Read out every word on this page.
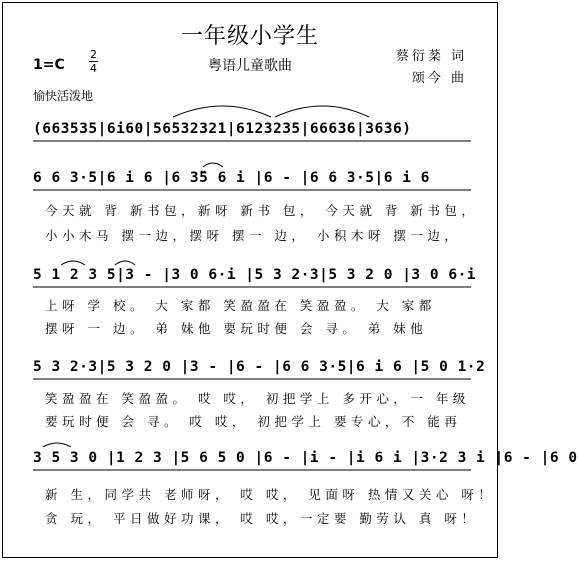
一年级小学生
粤语儿童歌曲
1=C
2
4
愉快活泼地
蔡衍棻 词
颂今 曲
(663535|6i60|56532321|6123235|66636|3636)
6 6 3·5|6 i 6 |6 3̈5 6 i |6 - |6 6 3·5|6 i 6
5 1 2 3 5|3 - |3 0 6·i |5 3 2·3|5 3 2 0 |3 0 6·i
5 3 2·3|5 3 2 0 |3 - |6 - |6 6 3·5|6 i 6 |5 0 1·2
3 5 3 0 |1 2 3 |5 6 5 0 |6 - |i - |i 6 i |3·2 3 i |6 - |6 0
今天就 背 新书包，新呀 新书 包， 今天就 背 新书包，
小小木马 摆一边，摆呀 摆一 边， 小积木呀 摆一边，
上呀 学 校。 大 家都 笑盈盈在 笑盈盈。 大 家都
摆呀 一 边。 弟 妹他 要玩时便 会 寻。 弟 妹他
笑盈盈在 笑盈盈。 哎 哎， 初把学上 多开心，一 年级
要玩时便 会 寻。 哎 哎， 初把学上 要专心，不 能再
新 生，同学共 老师呀， 哎 哎， 见面呀 热情又关心 呀！
贪 玩， 平日做好功课， 哎 哎，一定要 勤劳认 真 呀！
